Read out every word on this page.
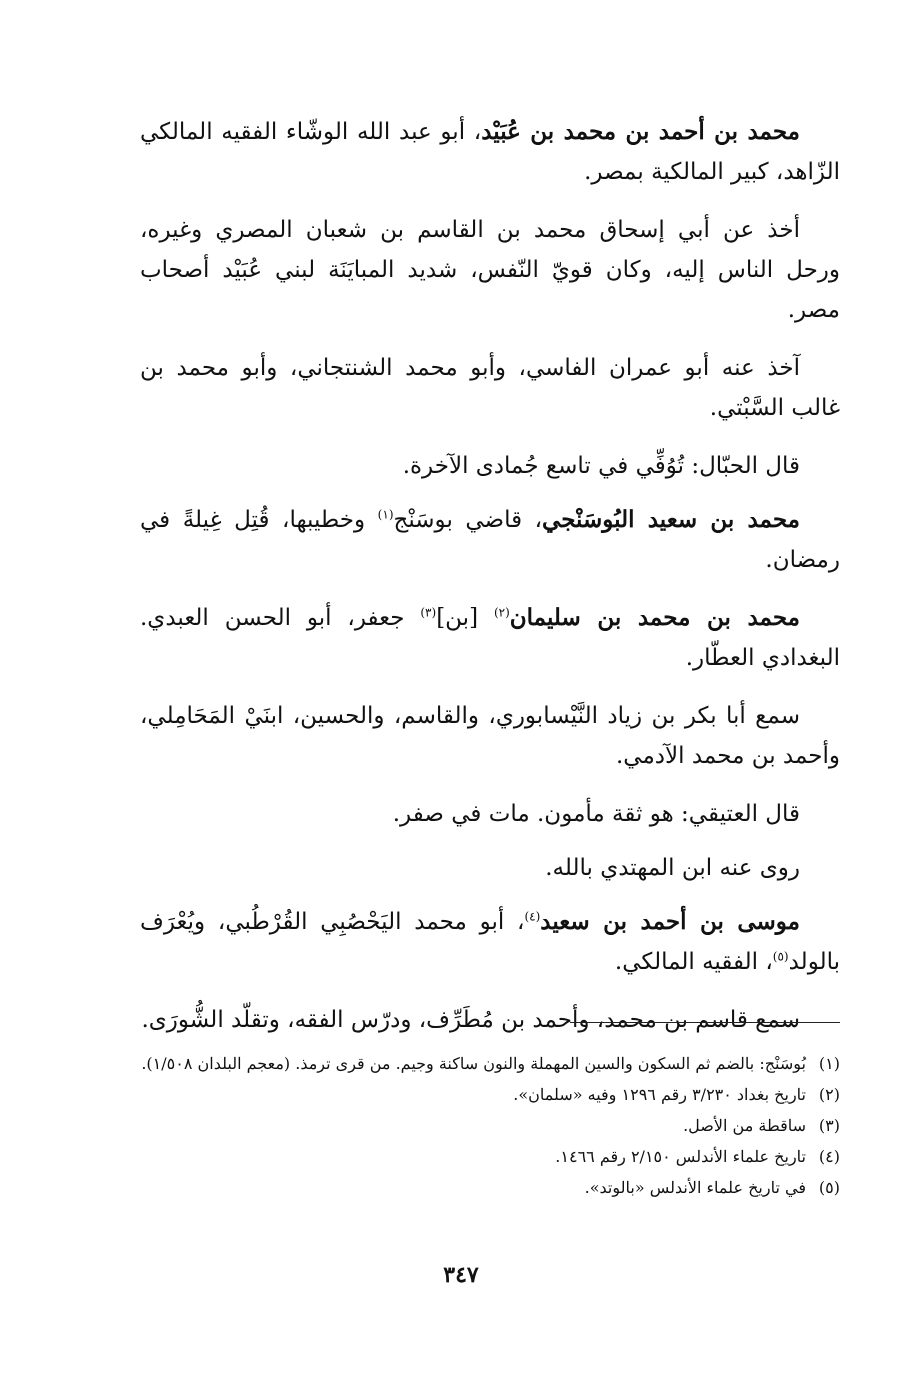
محمد بن أحمد بن محمد بن عُبَيْد، أبو عبد الله الوشّاء الفقيه المالكي الزّاهد، كبير المالكية بمصر.

أخذ عن أبي إسحاق محمد بن القاسم بن شعبان المصري وغيره، ورحل الناس إليه، وكان قويّ النّفس، شديد المبايَنَة لبني عُبَيْد أصحاب مصر.

آخذ عنه أبو عمران الفاسي، وأبو محمد الشنتجاني، وأبو محمد بن غالب السَّبْتي.

قال الحبّال: تُوُفِّي في تاسع جُمادى الآخرة.

محمد بن سعيد البُوسَنْجي، قاضي بوسَنْج$^{(١)}$ وخطيبها، قُتِل غِيلةً في رمضان.

محمد بن محمد بن سليمان$^{(٢)}$ [بن]$^{(٣)}$ جعفر، أبو الحسن العبدي. البغدادي العطّار.

سمع أبا بكر بن زياد النَّيْسابوري، والقاسم، والحسين، ابنَيْ المَحَامِلي، وأحمد بن محمد الآدمي.

قال العتيقي: هو ثقة مأمون. مات في صفر.

روى عنه ابن المهتدي بالله.

موسى بن أحمد بن سعيد$^{(٤)}$، أبو محمد اليَحْصُبِي القُرْطُبي، ويُعْرَف بالولد$^{(٥)}$، الفقيه المالكي.

سمع قاسم بن محمد، وأحمد بن مُطَرِّف، ودرّس الفقه، وتقلّد الشُّورَى.

(١)بُوسَنْج: بالضم ثم السكون والسين المهملة والنون ساكنة وجيم. من قرى ترمذ. (معجم البلدان ١/٥٠٨).

(٢)تاريخ بغداد ٣/٢٣٠ رقم ١٢٩٦ وفيه «سلمان».

(٣)ساقطة من الأصل.

(٤)تاريخ علماء الأندلس ٢/١٥٠ رقم ١٤٦٦.

(٥)في تاريخ علماء الأندلس «بالوتد».

٣٤٧
